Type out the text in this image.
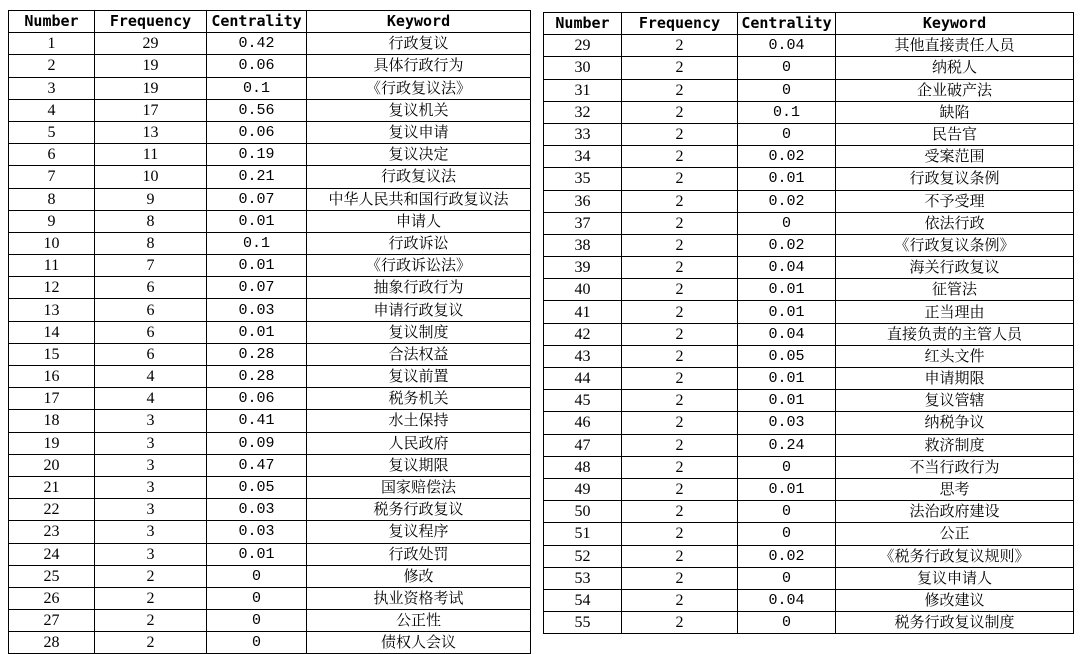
Number	Frequency	Centrality	Keyword
1	29	0.42	行政复议
2	19	0.06	具体行政行为
3	19	0.1	《行政复议法》
4	17	0.56	复议机关
5	13	0.06	复议申请
6	11	0.19	复议决定
7	10	0.21	行政复议法
8	9	0.07	中华人民共和国行政复议法
9	8	0.01	申请人
10	8	0.1	行政诉讼
11	7	0.01	《行政诉讼法》
12	6	0.07	抽象行政行为
13	6	0.03	申请行政复议
14	6	0.01	复议制度
15	6	0.28	合法权益
16	4	0.28	复议前置
17	4	0.06	税务机关
18	3	0.41	水土保持
19	3	0.09	人民政府
20	3	0.47	复议期限
21	3	0.05	国家赔偿法
22	3	0.03	税务行政复议
23	3	0.03	复议程序
24	3	0.01	行政处罚
25	2	0	修改
26	2	0	执业资格考试
27	2	0	公正性
28	2	0	债权人会议
Number	Frequency	Centrality	Keyword
29	2	0.04	其他直接责任人员
30	2	0	纳税人
31	2	0	企业破产法
32	2	0.1	缺陷
33	2	0	民告官
34	2	0.02	受案范围
35	2	0.01	行政复议条例
36	2	0.02	不予受理
37	2	0	依法行政
38	2	0.02	《行政复议条例》
39	2	0.04	海关行政复议
40	2	0.01	征管法
41	2	0.01	正当理由
42	2	0.04	直接负责的主管人员
43	2	0.05	红头文件
44	2	0.01	申请期限
45	2	0.01	复议管辖
46	2	0.03	纳税争议
47	2	0.24	救济制度
48	2	0	不当行政行为
49	2	0.01	思考
50	2	0	法治政府建设
51	2	0	公正
52	2	0.02	《税务行政复议规则》
53	2	0	复议申请人
54	2	0.04	修改建议
55	2	0	税务行政复议制度
